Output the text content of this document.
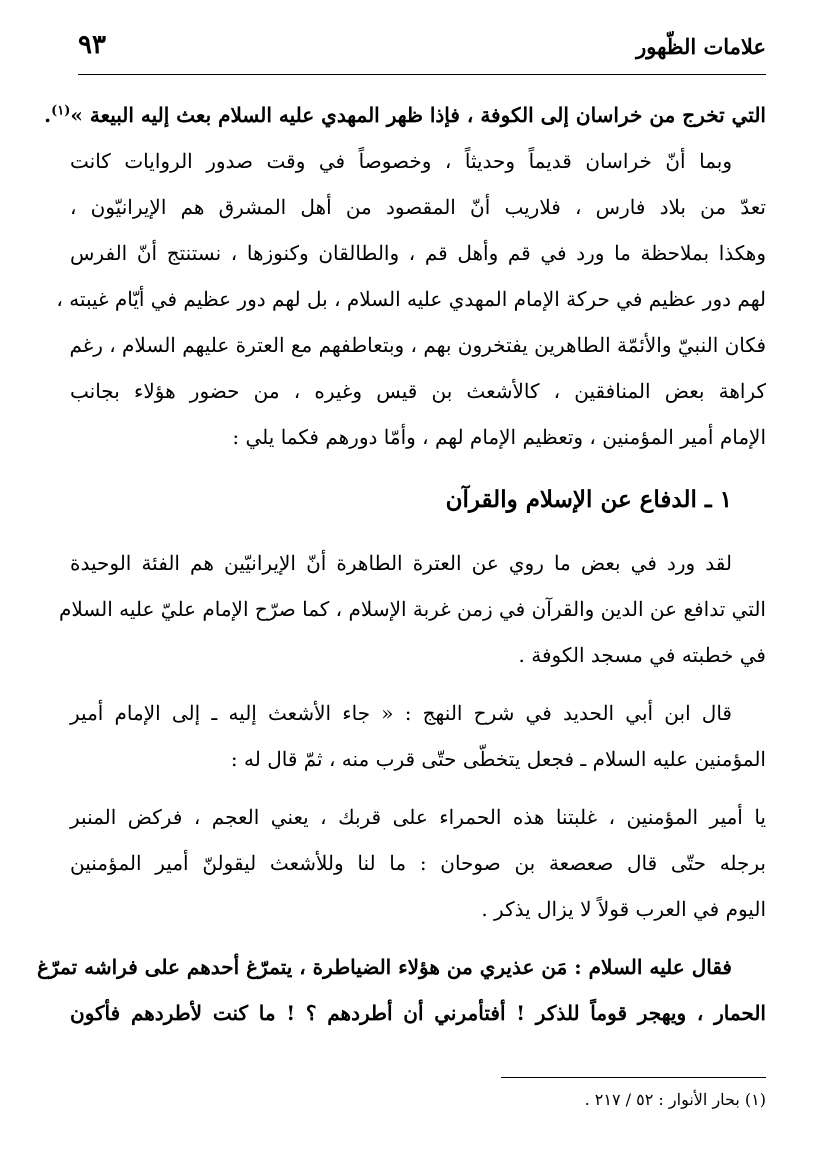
علامات الظّهور
٩٣
التي تخرج من خراسان إلى الكوفة ، فإذا ظهر المهدي عليه السلام بعث إليه البيعة »$^{(١)}$.
وبما أنّ خراسان قديماً وحديثاً ، وخصوصاً في وقت صدور الروايات كانت
تعدّ من بلاد فارس ، فلاريب أنّ المقصود من أهل المشرق هم الإيرانيّون ،
وهكذا بملاحظة ما ورد في قم وأهل قم ، والطالقان وكنوزها ، نستنتج أنّ الفرس
لهم دور عظيم في حركة الإمام المهدي عليه السلام ، بل لهم دور عظيم في أيّام غيبته ،
فكان النبيّ والأئمّة الطاهرين يفتخرون بهم ، وبتعاطفهم مع العترة عليهم السلام ، رغم
كراهة بعض المنافقين ، كالأشعث بن قيس وغيره ، من حضور هؤلاء بجانب
الإمام أمير المؤمنين ، وتعظيم الإمام لهم ، وأمّا دورهم فكما يلي :
١ ـ الدفاع عن الإسلام والقرآن
لقد ورد في بعض ما روي عن العترة الطاهرة أنّ الإيرانيّين هم الفئة الوحيدة
التي تدافع عن الدين والقرآن في زمن غربة الإسلام ، كما صرّح الإمام عليّ عليه السلام
في خطبته في مسجد الكوفة .
قال ابن أبي الحديد في شرح النهج : « جاء الأشعث إليه ـ إلى الإمام أمير
المؤمنين عليه السلام ـ فجعل يتخطّى حتّى قرب منه ، ثمّ قال له :
يا أمير المؤمنين ، غلبتنا هذه الحمراء على قربك ، يعني العجم ، فركض المنبر
برجله حتّى قال صعصعة بن صوحان : ما لنا وللأشعث ليقولنّ أمير المؤمنين
اليوم في العرب قولاً لا يزال يذكر .
فقال عليه السلام : مَن عذيري من هؤلاء الضياطرة ، يتمرّغ أحدهم على فراشه تمرّغ
الحمار ، ويهجر قوماً للذكر ! أفتأمرني أن أطردهم ؟ ! ما كنت لأطردهم فأكون
(١) بحار الأنوار : ٥٢ / ٢١٧ .
